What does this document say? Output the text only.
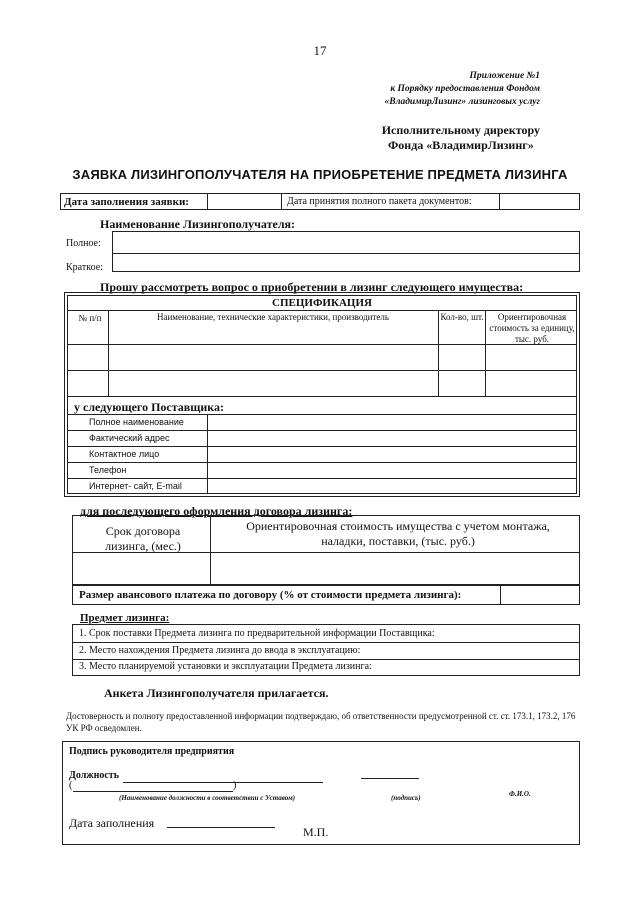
17
Приложение №1
к Порядку предоставления Фондом
«ВладимирЛизинг» лизинговых услуг
Исполнительному директору
Фонда «ВладимирЛизинг»
ЗАЯВКА ЛИЗИНГОПОЛУЧАТЕЛЯ НА ПРИОБРЕТЕНИЕ ПРЕДМЕТА ЛИЗИНГА
Дата заполнения заявки:	Дата принятия полного пакета документов:
Наименование Лизингополучателя:
Полное:
Краткое:
Прошу рассмотреть вопрос о приобретении в лизинг следующего имущества:
СПЕЦИФИКАЦИЯ
№ п/п	Наименование, технические характеристики, производитель	Кол-во, шт.	Ориентировочная стоимость за единицу, тыс. руб.
у следующего Поставщика:
Полное наименование
Фактический адрес
Контактное лицо
Телефон
Интернет- сайт, E-mail
для последующего оформления договора лизинга:
Срок договора лизинга, (мес.)
Ориентировочная стоимость имущества с учетом монтажа, наладки, поставки, (тыс. руб.)
Размер авансового платежа по договору (% от стоимости предмета лизинга):
Предмет лизинга:
1. Срок поставки Предмета лизинга по предварительной информации Поставщика:
2. Место нахождения Предмета лизинга до ввода в эксплуатацию:
3. Место планируемой установки и эксплуатации Предмета лизинга:
Анкета Лизингополучателя прилагается.
Достоверность и полноту предоставленной информации подтверждаю, об ответственности предусмотренной ст. ст. 173.1, 173.2, 176 УК РФ осведомлен.
Подпись руководителя предприятия
Должность
(	)
(Наименование должности в соответствии с Уставом)	(подпись)	Ф.И.О.
Дата заполнения
М.П.
